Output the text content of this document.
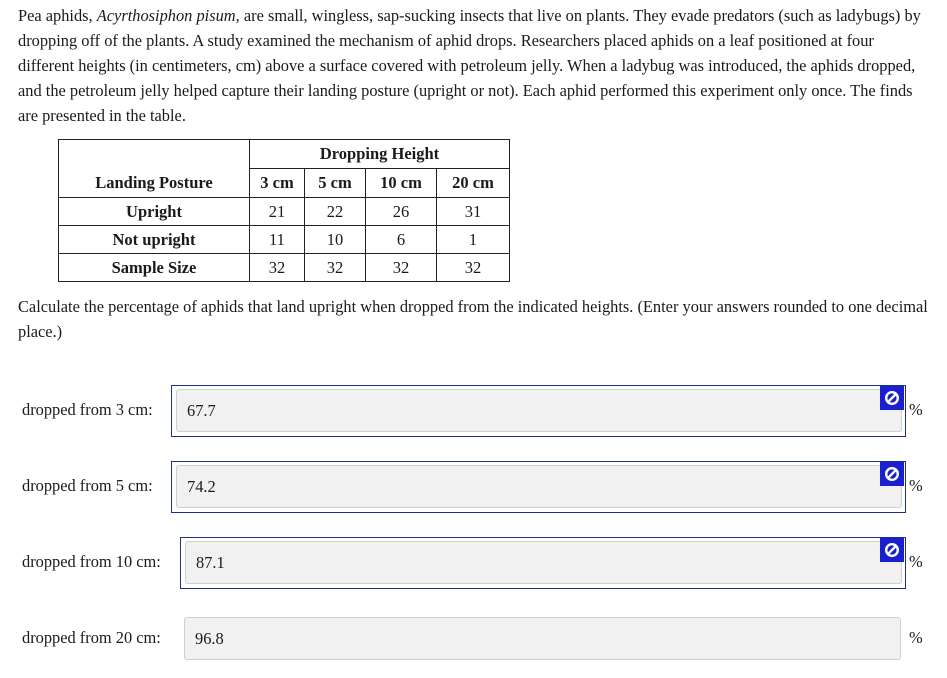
Pea aphids, Acyrthosiphon pisum, are small, wingless, sap-sucking insects that live on plants. They evade predators (such as ladybugs) by dropping off of the plants. A study examined the mechanism of aphid drops. Researchers placed aphids on a leaf positioned at four different heights (in centimeters, cm) above a surface covered with petroleum jelly. When a ladybug was introduced, the aphids dropped, and the petroleum jelly helped capture their landing posture (upright or not). Each aphid performed this experiment only once. The finds are presented in the table.

	Dropping Height			
Landing Posture	3 cm	5 cm	10 cm	20 cm
Upright	21	22	26	31
Not upright	11	10	6	1
Sample Size	32	32	32	32

Calculate the percentage of aphids that land upright when dropped from the indicated heights. (Enter your answers rounded to one decimal place.)

dropped from 3 cm:	67.7	%
dropped from 5 cm:	74.2	%
dropped from 10 cm:	87.1	%
dropped from 20 cm:	96.8	%
